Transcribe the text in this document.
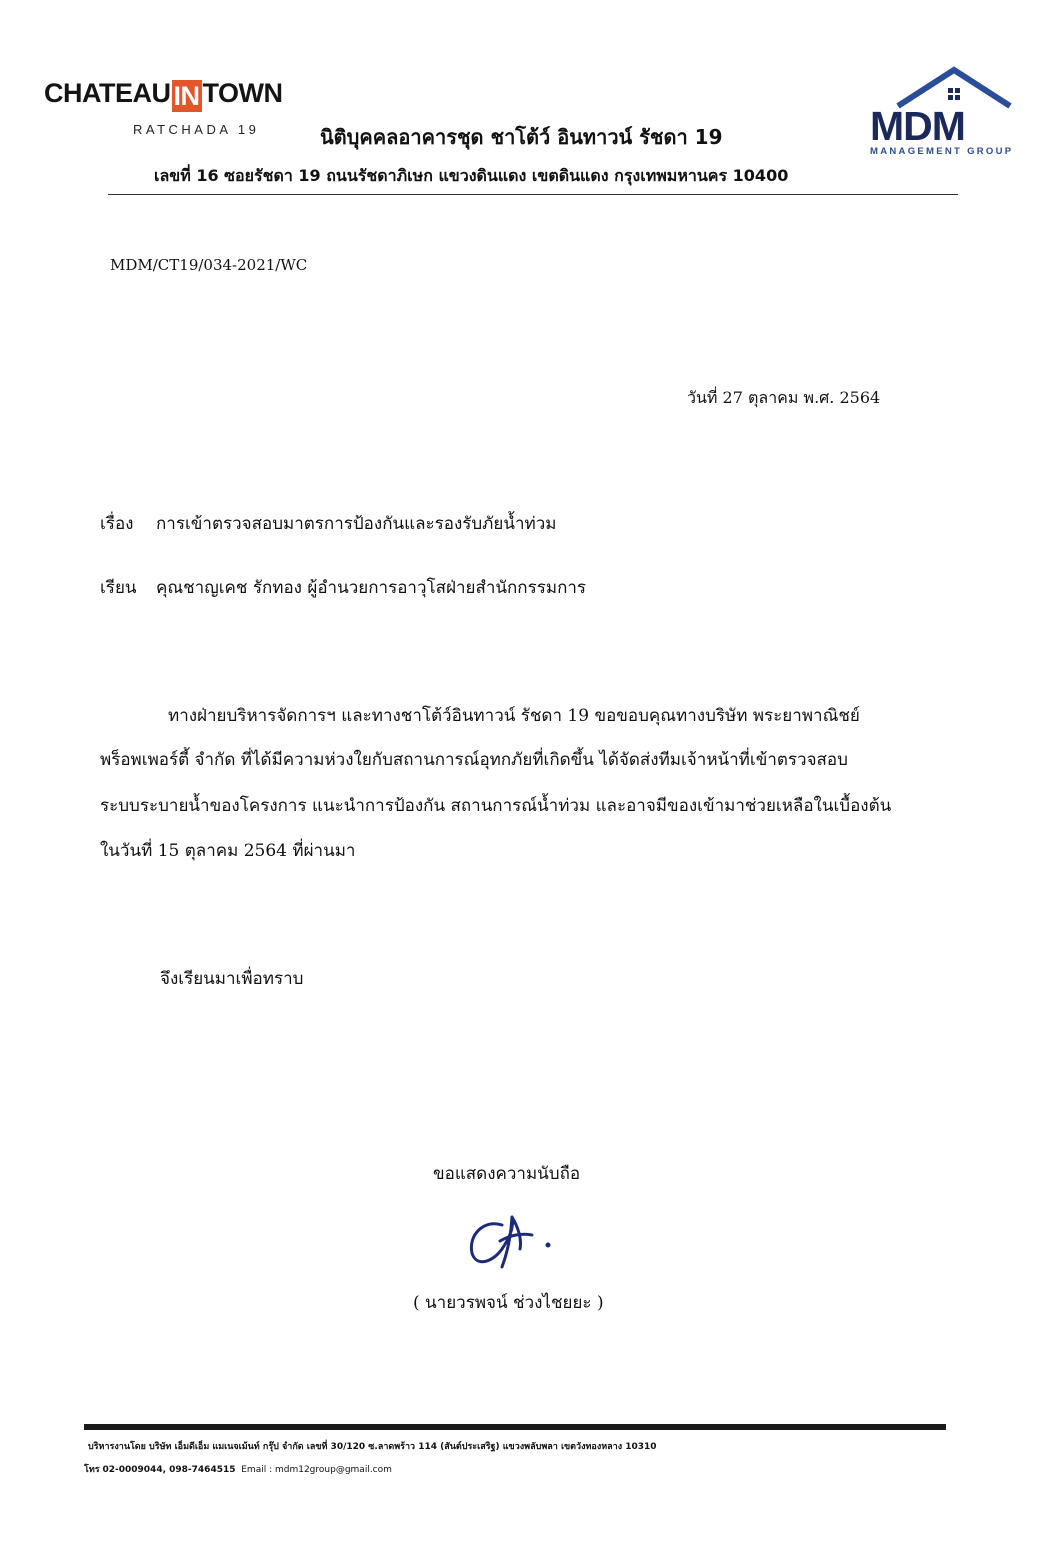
CHATEAU IN TOWN
RATCHADA 19	นิติบุคคลอาคารชุด ชาโต้ว์ อินทาวน์ รัชดา 19
เลขที่ 16 ซอยรัชดา 19 ถนนรัชดาภิเษก แขวงดินแดง เขตดินแดง กรุงเทพมหานคร 10400
MDM
MANAGEMENT GROUP
MDM/CT19/034-2021/WC
วันที่ 27 ตุลาคม พ.ศ. 2564
เรื่อง การเข้าตรวจสอบมาตรการป้องกันและรองรับภัยน้ำท่วม
เรียน คุณชาญเคช รักทอง ผู้อำนวยการอาวุโสฝ่ายสำนักกรรมการ
ทางฝ่ายบริหารจัดการฯ และทางชาโต้ว์อินทาวน์ รัชดา 19 ขอขอบคุณทางบริษัท พระยาพาณิชย์
พร็อพเพอร์ตี้ จำกัด ที่ได้มีความห่วงใยกับสถานการณ์อุทกภัยที่เกิดขึ้น ได้จัดส่งทีมเจ้าหน้าที่เข้าตรวจสอบ
ระบบระบายน้ำของโครงการ แนะนำการป้องกัน สถานการณ์น้ำท่วม และอาจมีของเข้ามาช่วยเหลือในเบื้องต้น
ในวันที่ 15 ตุลาคม 2564 ที่ผ่านมา
จึงเรียนมาเพื่อทราบ
ขอแสดงความนับถือ
( นายวรพจน์ ช่วงไชยยะ )
บริหารงานโดย บริษัท เอ็มดีเอ็ม แมเนจเม้นท์ กรุ๊ป จำกัด เลขที่ 30/120 ซ.ลาดพร้าว 114 (สันต์ประเสริฐ) แขวงพลับพลา เขตวังทองหลาง 10310
โทร 02-0009044, 098-7464515 Email : mdm12group@gmail.com
